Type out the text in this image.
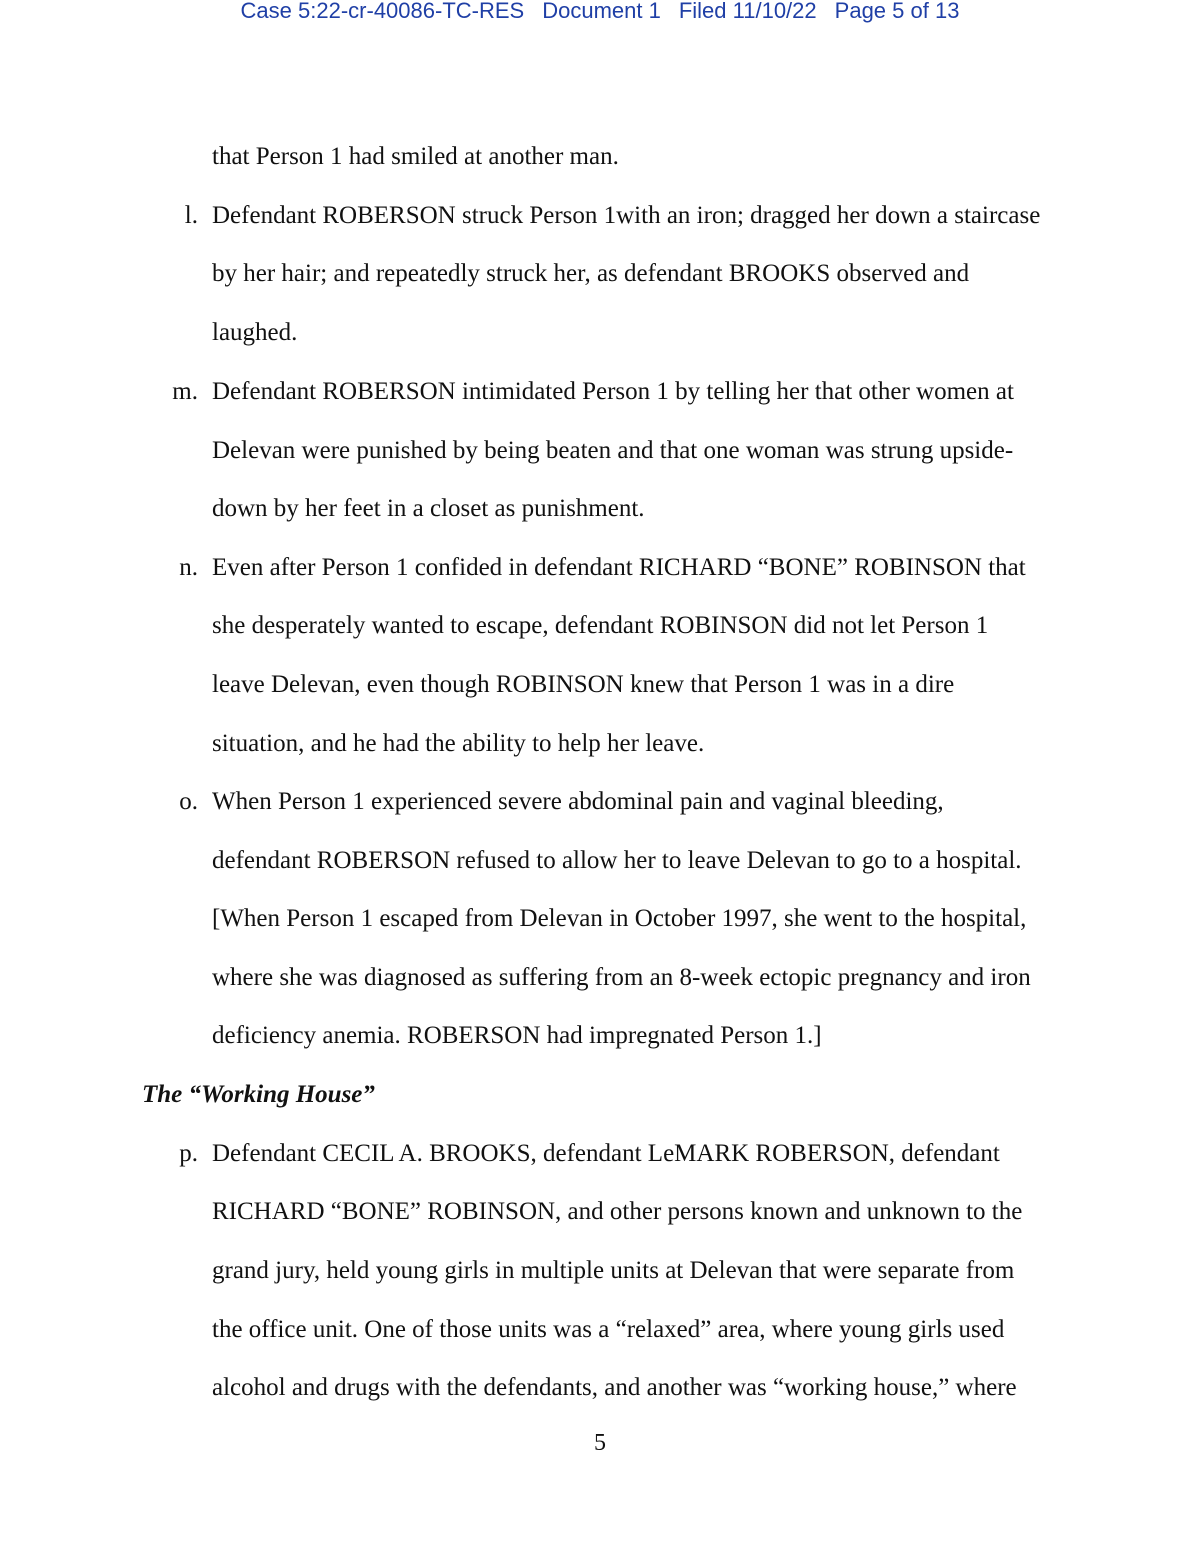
Case 5:22-cr-40086-TC-RES Document 1 Filed 11/10/22 Page 5 of 13
that Person 1 had smiled at another man.
l. Defendant ROBERSON struck Person 1with an iron; dragged her down a staircase
by her hair; and repeatedly struck her, as defendant BROOKS observed and
laughed.
m. Defendant ROBERSON intimidated Person 1 by telling her that other women at
Delevan were punished by being beaten and that one woman was strung upside-
down by her feet in a closet as punishment.
n. Even after Person 1 confided in defendant RICHARD “BONE” ROBINSON that
she desperately wanted to escape, defendant ROBINSON did not let Person 1
leave Delevan, even though ROBINSON knew that Person 1 was in a dire
situation, and he had the ability to help her leave.
o. When Person 1 experienced severe abdominal pain and vaginal bleeding,
defendant ROBERSON refused to allow her to leave Delevan to go to a hospital.
[When Person 1 escaped from Delevan in October 1997, she went to the hospital,
where she was diagnosed as suffering from an 8-week ectopic pregnancy and iron
deficiency anemia. ROBERSON had impregnated Person 1.]
The “Working House”
p. Defendant CECIL A. BROOKS, defendant LeMARK ROBERSON, defendant
RICHARD “BONE” ROBINSON, and other persons known and unknown to the
grand jury, held young girls in multiple units at Delevan that were separate from
the office unit. One of those units was a “relaxed” area, where young girls used
alcohol and drugs with the defendants, and another was “working house,” where
5
